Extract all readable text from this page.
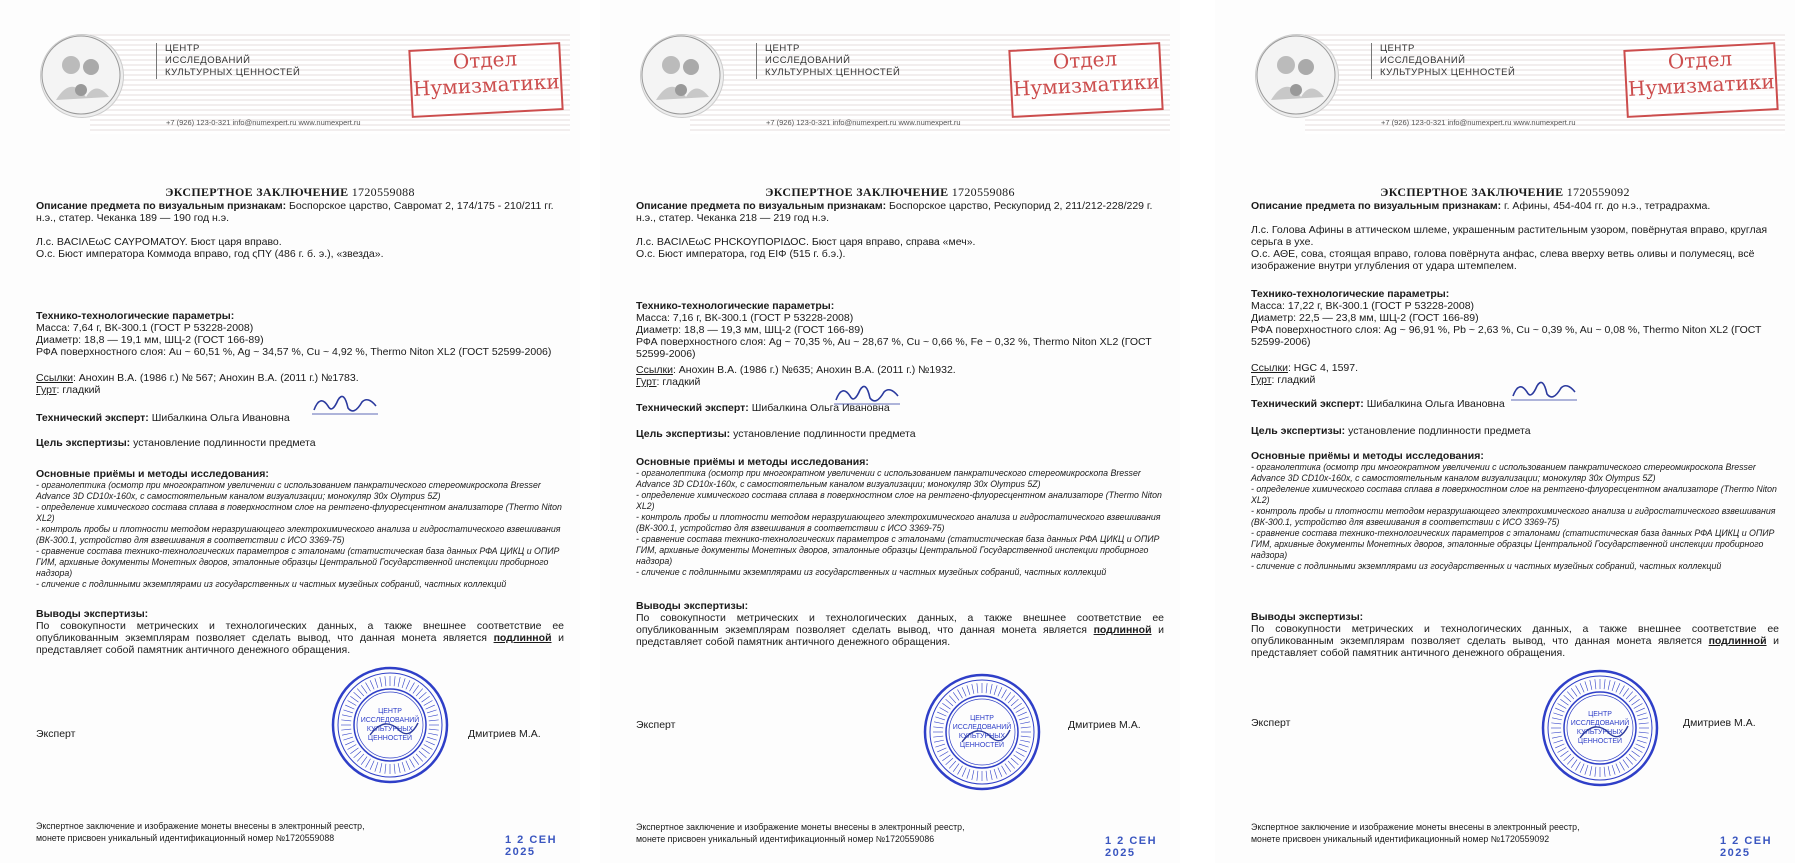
ЦЕНТР
ИССЛЕДОВАНИЙ
КУЛЬТУРНЫХ ЦЕННОСТЕЙ
+7 (926) 123-0-321 info@numexpert.ru www.numexpert.ru
Отдел
Нумизматики
ЭКСПЕРТНОЕ ЗАКЛЮЧЕНИЕ 1720559088
Описание предмета по визуальным признакам: Боспорское царство, Савромат 2, 174/175 - 210/211 гг. н.э., статер. Чеканка 189 — 190 год н.э.
Л.с. ΒΑCIΛΕωC CΑΥΡΟΜΑΤΟΥ. Бюст царя вправо.
О.с. Бюст императора Коммода вправо, год ςΠΥ (486 г. б. э.), «звезда».
Технико-технологические параметры:
Масса: 7,64 г, ВК-300.1 (ГОСТ Р 53228-2008)
Диаметр: 18,8 — 19,1 мм, ШЦ-2 (ГОСТ 166-89)
РФА поверхностного слоя: Au ~ 60,51 %, Ag ~ 34,57 %, Cu ~ 4,92 %, Thermo Niton XL2 (ГОСТ 52599-2006)
Ссылки: Анохин В.А. (1986 г.) № 567; Анохин В.А. (2011 г.) №1783.
Гурт: гладкий
Технический эксперт: Шибалкина Ольга Ивановна
Цель экспертизы: установление подлинности предмета
Основные приёмы и методы исследования:
- органолептика (осмотр при многократном увеличении с использованием панкратического стереомикроскопа Bresser Advance 3D CD10x-160x, с самостоятельным каналом визуализации; монокуляр 30x Olympus 5Z)
- определение химического состава сплава в поверхностном слое на рентгено-флуоресцентном анализаторе (Thermo Niton XL2)
- контроль пробы и плотности методом неразрушающего электрохимического анализа и гидростатического взвешивания (ВК-300.1, устройство для взвешивания в соответствии с ИСО 3369-75)
- сравнение состава технико-технологических параметров с эталонами (статистическая база данных РФА ЦИКЦ и ОПИР ГИМ, архивные документы Монетных дворов, эталонные образцы Центральной Государственной инспекции пробирного надзора)
- сличение с подлинными экземплярами из государственных и частных музейных собраний, частных коллекций
Выводы экспертизы:
По совокупности метрических и технологических данных, а также внешнее соответствие ее опубликованным экземплярам позволяет сделать вывод, что данная монета является подлинной и представляет собой памятник античного денежного обращения.
ЦЕНТР
ИССЛЕДОВАНИЙ
КУЛЬТУРНЫХ
ЦЕННОСТЕЙ
Эксперт	Дмитриев М.А.
Экспертное заключение и изображение монеты внесены в электронный реестр, монете присвоен уникальный идентификационный номер №1720559088	1 2 СЕН 2025
ЦЕНТР
ИССЛЕДОВАНИЙ
КУЛЬТУРНЫХ ЦЕННОСТЕЙ
+7 (926) 123-0-321 info@numexpert.ru www.numexpert.ru
Отдел
Нумизматики
ЭКСПЕРТНОЕ ЗАКЛЮЧЕНИЕ 1720559086
Описание предмета по визуальным признакам: Боспорское царство, Рескупорид 2, 211/212-228/229 г. н.э., статер. Чеканка 218 — 219 год н.э.
Л.с. ΒΑCIΛΕωC ΡΗCΚΟΥΠΟΡΙΔΟC. Бюст царя вправо, справа «меч».
О.с. Бюст императора, год ΕΙΦ (515 г. б.э.).
Технико-технологические параметры:
Масса: 7,16 г, ВК-300.1 (ГОСТ Р 53228-2008)
Диаметр: 18,8 — 19,3 мм, ШЦ-2 (ГОСТ 166-89)
РФА поверхностного слоя: Ag ~ 70,35 %, Au ~ 28,67 %, Cu ~ 0,66 %, Fe ~ 0,32 %, Thermo Niton XL2 (ГОСТ 52599-2006)
Ссылки: Анохин В.А. (1986 г.) №635; Анохин В.А. (2011 г.) №1932.
Гурт: гладкий
Технический эксперт: Шибалкина Ольга Ивановна
Цель экспертизы: установление подлинности предмета
Основные приёмы и методы исследования:
- органолептика (осмотр при многократном увеличении с использованием панкратического стереомикроскопа Bresser Advance 3D CD10x-160x, с самостоятельным каналом визуализации; монокуляр 30x Olympus 5Z)
- определение химического состава сплава в поверхностном слое на рентгено-флуоресцентном анализаторе (Thermo Niton XL2)
- контроль пробы и плотности методом неразрушающего электрохимического анализа и гидростатического взвешивания (ВК-300.1, устройство для взвешивания в соответствии с ИСО 3369-75)
- сравнение состава технико-технологических параметров с эталонами (статистическая база данных РФА ЦИКЦ и ОПИР ГИМ, архивные документы Монетных дворов, эталонные образцы Центральной Государственной инспекции пробирного надзора)
- сличение с подлинными экземплярами из государственных и частных музейных собраний, частных коллекций
Выводы экспертизы:
По совокупности метрических и технологических данных, а также внешнее соответствие ее опубликованным экземплярам позволяет сделать вывод, что данная монета является подлинной и представляет собой памятник античного денежного обращения.
ЦЕНТР
ИССЛЕДОВАНИЙ
КУЛЬТУРНЫХ
ЦЕННОСТЕЙ
Эксперт	Дмитриев М.А.
Экспертное заключение и изображение монеты внесены в электронный реестр, монете присвоен уникальный идентификационный номер №1720559086	1 2 СЕН 2025
ЦЕНТР
ИССЛЕДОВАНИЙ
КУЛЬТУРНЫХ ЦЕННОСТЕЙ
+7 (926) 123-0-321 info@numexpert.ru www.numexpert.ru
Отдел
Нумизматики
ЭКСПЕРТНОЕ ЗАКЛЮЧЕНИЕ 1720559092
Описание предмета по визуальным признакам: г. Афины, 454-404 гг. до н.э., тетрадрахма.
Л.с. Голова Афины в аттическом шлеме, украшенным растительным узором, повёрнутая вправо, круглая серьга в ухе.
О.с. ΑΘΕ, сова, стоящая вправо, голова повёрнута анфас, слева вверху ветвь оливы и полумесяц, всё изображение внутри углубления от удара штемпелем.
Технико-технологические параметры:
Масса: 17,22 г, ВК-300.1 (ГОСТ Р 53228-2008)
Диаметр: 22,5 — 23,8 мм, ШЦ-2 (ГОСТ 166-89)
РФА поверхностного слоя: Ag ~ 96,91 %, Pb ~ 2,63 %, Cu ~ 0,39 %, Au ~ 0,08 %, Thermo Niton XL2 (ГОСТ 52599-2006)
Ссылки: HGC 4, 1597.
Гурт: гладкий
Технический эксперт: Шибалкина Ольга Ивановна
Цель экспертизы: установление подлинности предмета
Основные приёмы и методы исследования:
- органолептика (осмотр при многократном увеличении с использованием панкратического стереомикроскопа Bresser Advance 3D CD10x-160x, с самостоятельным каналом визуализации; монокуляр 30x Olympus 5Z)
- определение химического состава сплава в поверхностном слое на рентгено-флуоресцентном анализаторе (Thermo Niton XL2)
- контроль пробы и плотности методом неразрушающего электрохимического анализа и гидростатического взвешивания (ВК-300.1, устройство для взвешивания в соответствии с ИСО 3369-75)
- сравнение состава технико-технологических параметров с эталонами (статистическая база данных РФА ЦИКЦ и ОПИР ГИМ, архивные документы Монетных дворов, эталонные образцы Центральной Государственной инспекции пробирного надзора)
- сличение с подлинными экземплярами из государственных и частных музейных собраний, частных коллекций
Выводы экспертизы:
По совокупности метрических и технологических данных, а также внешнее соответствие ее опубликованным экземплярам позволяет сделать вывод, что данная монета является подлинной и представляет собой памятник античного денежного обращения.
ЦЕНТР
ИССЛЕДОВАНИЙ
КУЛЬТУРНЫХ
ЦЕННОСТЕЙ
Эксперт	Дмитриев М.А.
Экспертное заключение и изображение монеты внесены в электронный реестр, монете присвоен уникальный идентификационный номер №1720559092	1 2 СЕН 2025
